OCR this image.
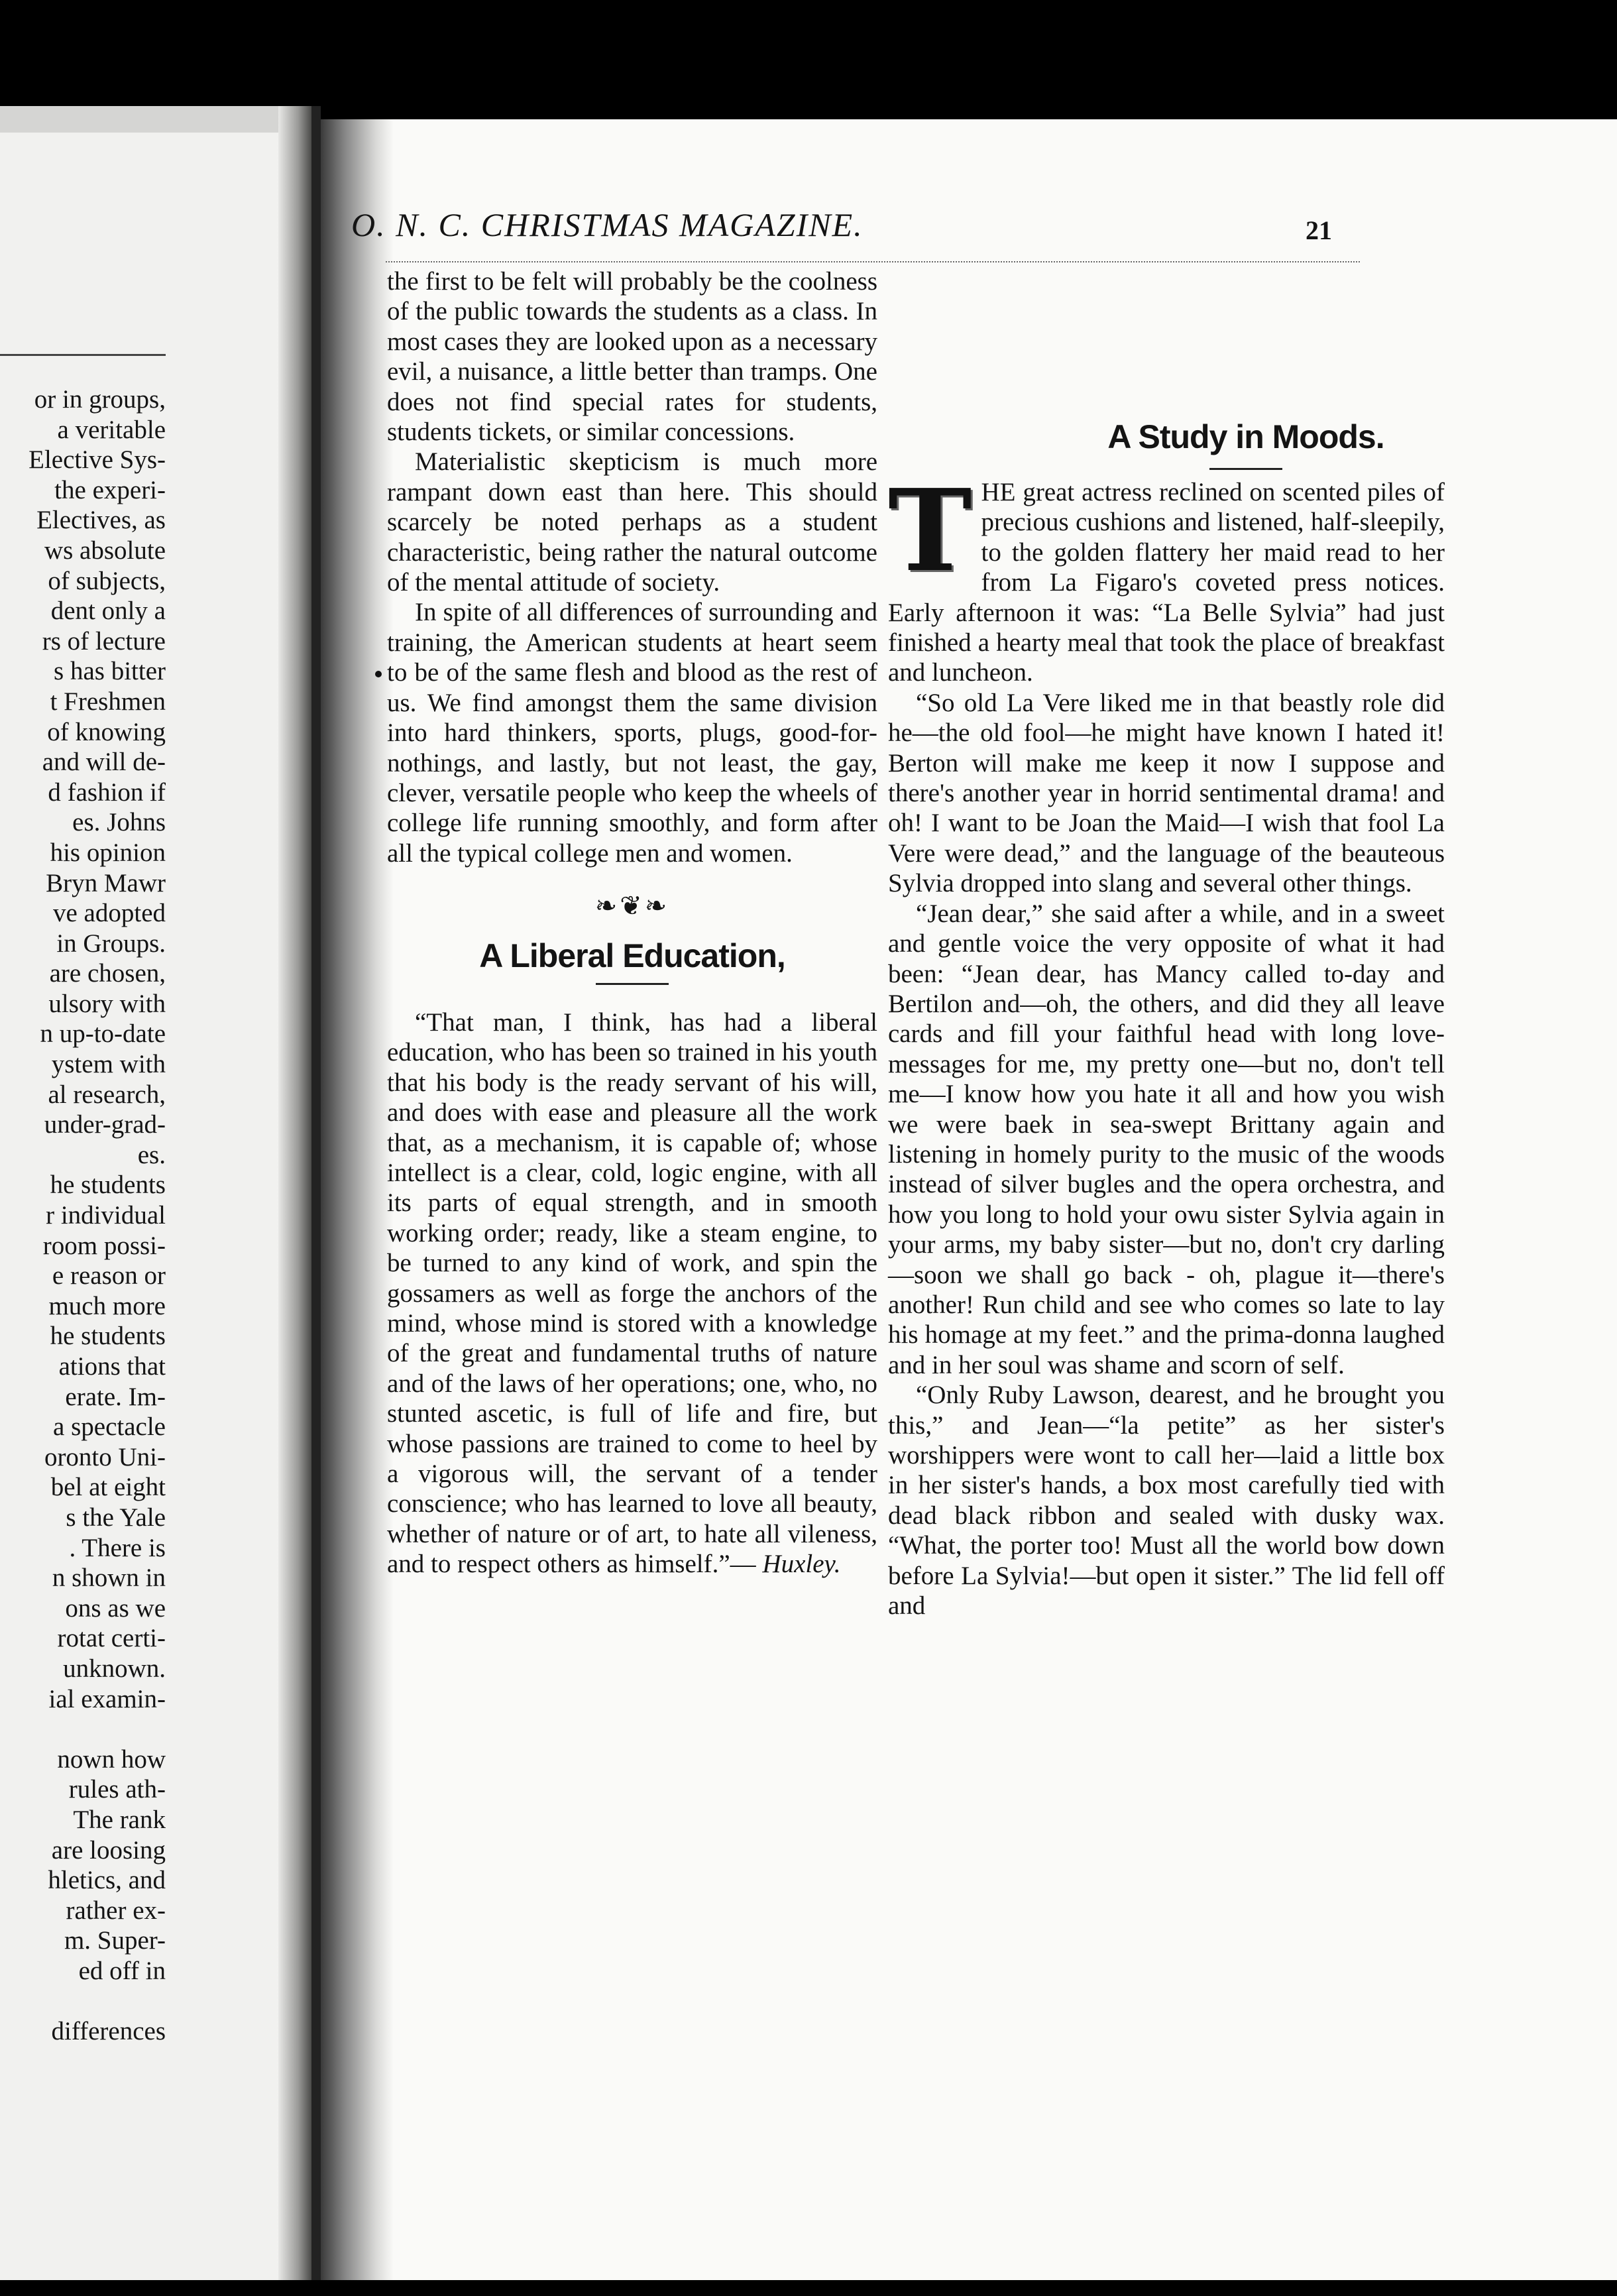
or in groups,
a veritable
Elective Sys-
the experi-
Electives, as
ws absolute
of subjects,
dent only a
rs of lecture
s has bitter
t Freshmen
of knowing
and will de-
d fashion if
es. Johns
his opinion
Bryn Mawr
ve adopted
in Groups.
are chosen,
ulsory with
n up-to-date
ystem with
al research,
under-grad-
es.
he students
r individual
room possi-
e reason or
much more
he students
ations that
erate. Im-
a spectacle
oronto Uni-
bel at eight
s the Yale
. There is
n shown in
ons as we
rotat certi-
unknown.
ial examin-

nown how
rules ath-
The rank
are loosing
hletics, and
rather ex-
m. Super-
ed off in

differences
O. N. C. CHRISTMAS MAGAZINE.	21

the first to be felt will probably be the coolness of the public towards the students as a class. In most cases they are looked upon as a necessary evil, a nuisance, a little better than tramps. One does not find special rates for students, students tickets, or similar concessions.

Materialistic skepticism is much more rampant down east than here. This should scarcely be noted perhaps as a student characteristic, being rather the natural outcome of the mental attitude of society.

In spite of all differences of surrounding and training, the American students at heart seem to be of the same flesh and blood as the rest of us. We find amongst them the same division into hard thinkers, sports, plugs, good-for-nothings, and lastly, but not least, the gay, clever, versatile people who keep the wheels of college life running smoothly, and form after all the typical college men and women.

❧❦❧

A Liberal Education,

“That man, I think, has had a liberal education, who has been so trained in his youth that his body is the ready servant of his will, and does with ease and pleasure all the work that, as a mechanism, it is capable of; whose intellect is a clear, cold, logic engine, with all its parts of equal strength, and in smooth working order; ready, like a steam engine, to be turned to any kind of work, and spin the gossamers as well as forge the anchors of the mind, whose mind is stored with a knowledge of the great and fundamental truths of nature and of the laws of her operations; one, who, no stunted ascetic, is full of life and fire, but whose passions are trained to come to heel by a vigorous will, the servant of a tender conscience; who has learned to love all beauty, whether of nature or of art, to hate all vileness, and to respect others as himself.”— Huxley.

A Study in Moods.

T HE great actress reclined on scented piles of precious cushions and listened, half-sleepily, to the golden flattery her maid read to her from La Figaro's coveted press notices. Early afternoon it was: “La Belle Sylvia” had just finished a hearty meal that took the place of breakfast and luncheon.

“So old La Vere liked me in that beastly role did he—the old fool—he might have known I hated it! Berton will make me keep it now I suppose and there's another year in horrid sentimental drama! and oh! I want to be Joan the Maid—I wish that fool La Vere were dead,” and the language of the beauteous Sylvia dropped into slang and several other things.

“Jean dear,” she said after a while, and in a sweet and gentle voice the very opposite of what it had been: “Jean dear, has Mancy called to-day and Bertilon and—oh, the others, and did they all leave cards and fill your faithful head with long love-messages for me, my pretty one—but no, don't tell me—I know how you hate it all and how you wish we were baek in sea-swept Brittany again and listening in homely purity to the music of the woods instead of silver bugles and the opera orchestra, and how you long to hold your owu sister Sylvia again in your arms, my baby sister—but no, don't cry darling—soon we shall go back - oh, plague it—there's another! Run child and see who comes so late to lay his homage at my feet.” and the prima-donna laughed and in her soul was shame and scorn of self.

“Only Ruby Lawson, dearest, and he brought you this,” and Jean—“la petite” as her sister's worshippers were wont to call her—laid a little box in her sister's hands, a box most carefully tied with dead black ribbon and sealed with dusky wax. “What, the porter too! Must all the world bow down before La Sylvia!—but open it sister.” The lid fell off and
